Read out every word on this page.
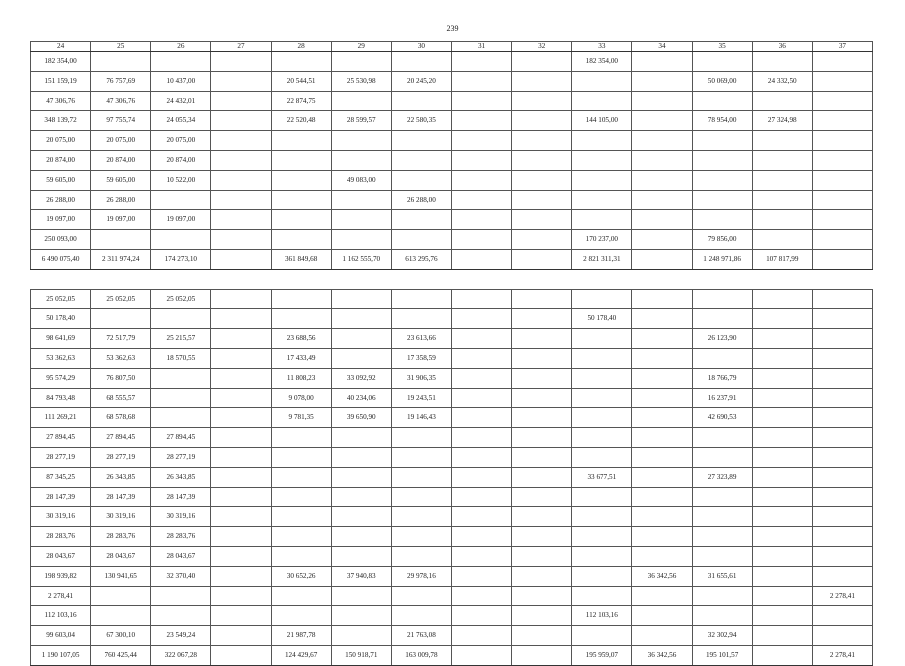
239
24	25	26	27	28	29	30	31	32	33	34	35	36	37
182 354,00									182 354,00				
151 159,19	76 757,69	10 437,00		20 544,51	25 530,98	20 245,20					50 069,00	24 332,50	
47 306,76	47 306,76	24 432,01		22 874,75									
348 139,72	97 755,74	24 055,34		22 520,48	28 599,57	22 580,35			144 105,00		78 954,00	27 324,98	
20 075,00	20 075,00	20 075,00											
20 874,00	20 874,00	20 874,00											
59 605,00	59 605,00	10 522,00			49 083,00								
26 288,00	26 288,00					26 288,00							
19 097,00	19 097,00	19 097,00											
250 093,00									170 237,00		79 856,00		
6 490 075,40	2 311 974,24	174 273,10		361 849,68	1 162 555,70	613 295,76			2 821 311,31		1 248 971,86	107 817,99	

25 052,05	25 052,05	25 052,05											
50 178,40									50 178,40				
98 641,69	72 517,79	25 215,57		23 688,56		23 613,66					26 123,90		
53 362,63	53 362,63	18 570,55		17 433,49		17 358,59							
95 574,29	76 807,50			11 808,23	33 092,92	31 906,35					18 766,79		
84 793,48	68 555,57			9 078,00	40 234,06	19 243,51					16 237,91		
111 269,21	68 578,68			9 781,35	39 650,90	19 146,43					42 690,53		
27 894,45	27 894,45	27 894,45											
28 277,19	28 277,19	28 277,19											
87 345,25	26 343,85	26 343,85							33 677,51		27 323,89		
28 147,39	28 147,39	28 147,39											
30 319,16	30 319,16	30 319,16											
28 283,76	28 283,76	28 283,76											
28 043,67	28 043,67	28 043,67											
198 939,82	130 941,65	32 370,40		30 652,26	37 940,83	29 978,16				36 342,56	31 655,61		
2 278,41													2 278,41
112 103,16									112 103,16				
99 603,04	67 300,10	23 549,24		21 987,78		21 763,08					32 302,94		
1 190 107,05	760 425,44	322 067,28		124 429,67	150 918,71	163 009,78			195 959,07	36 342,56	195 101,57		2 278,41
